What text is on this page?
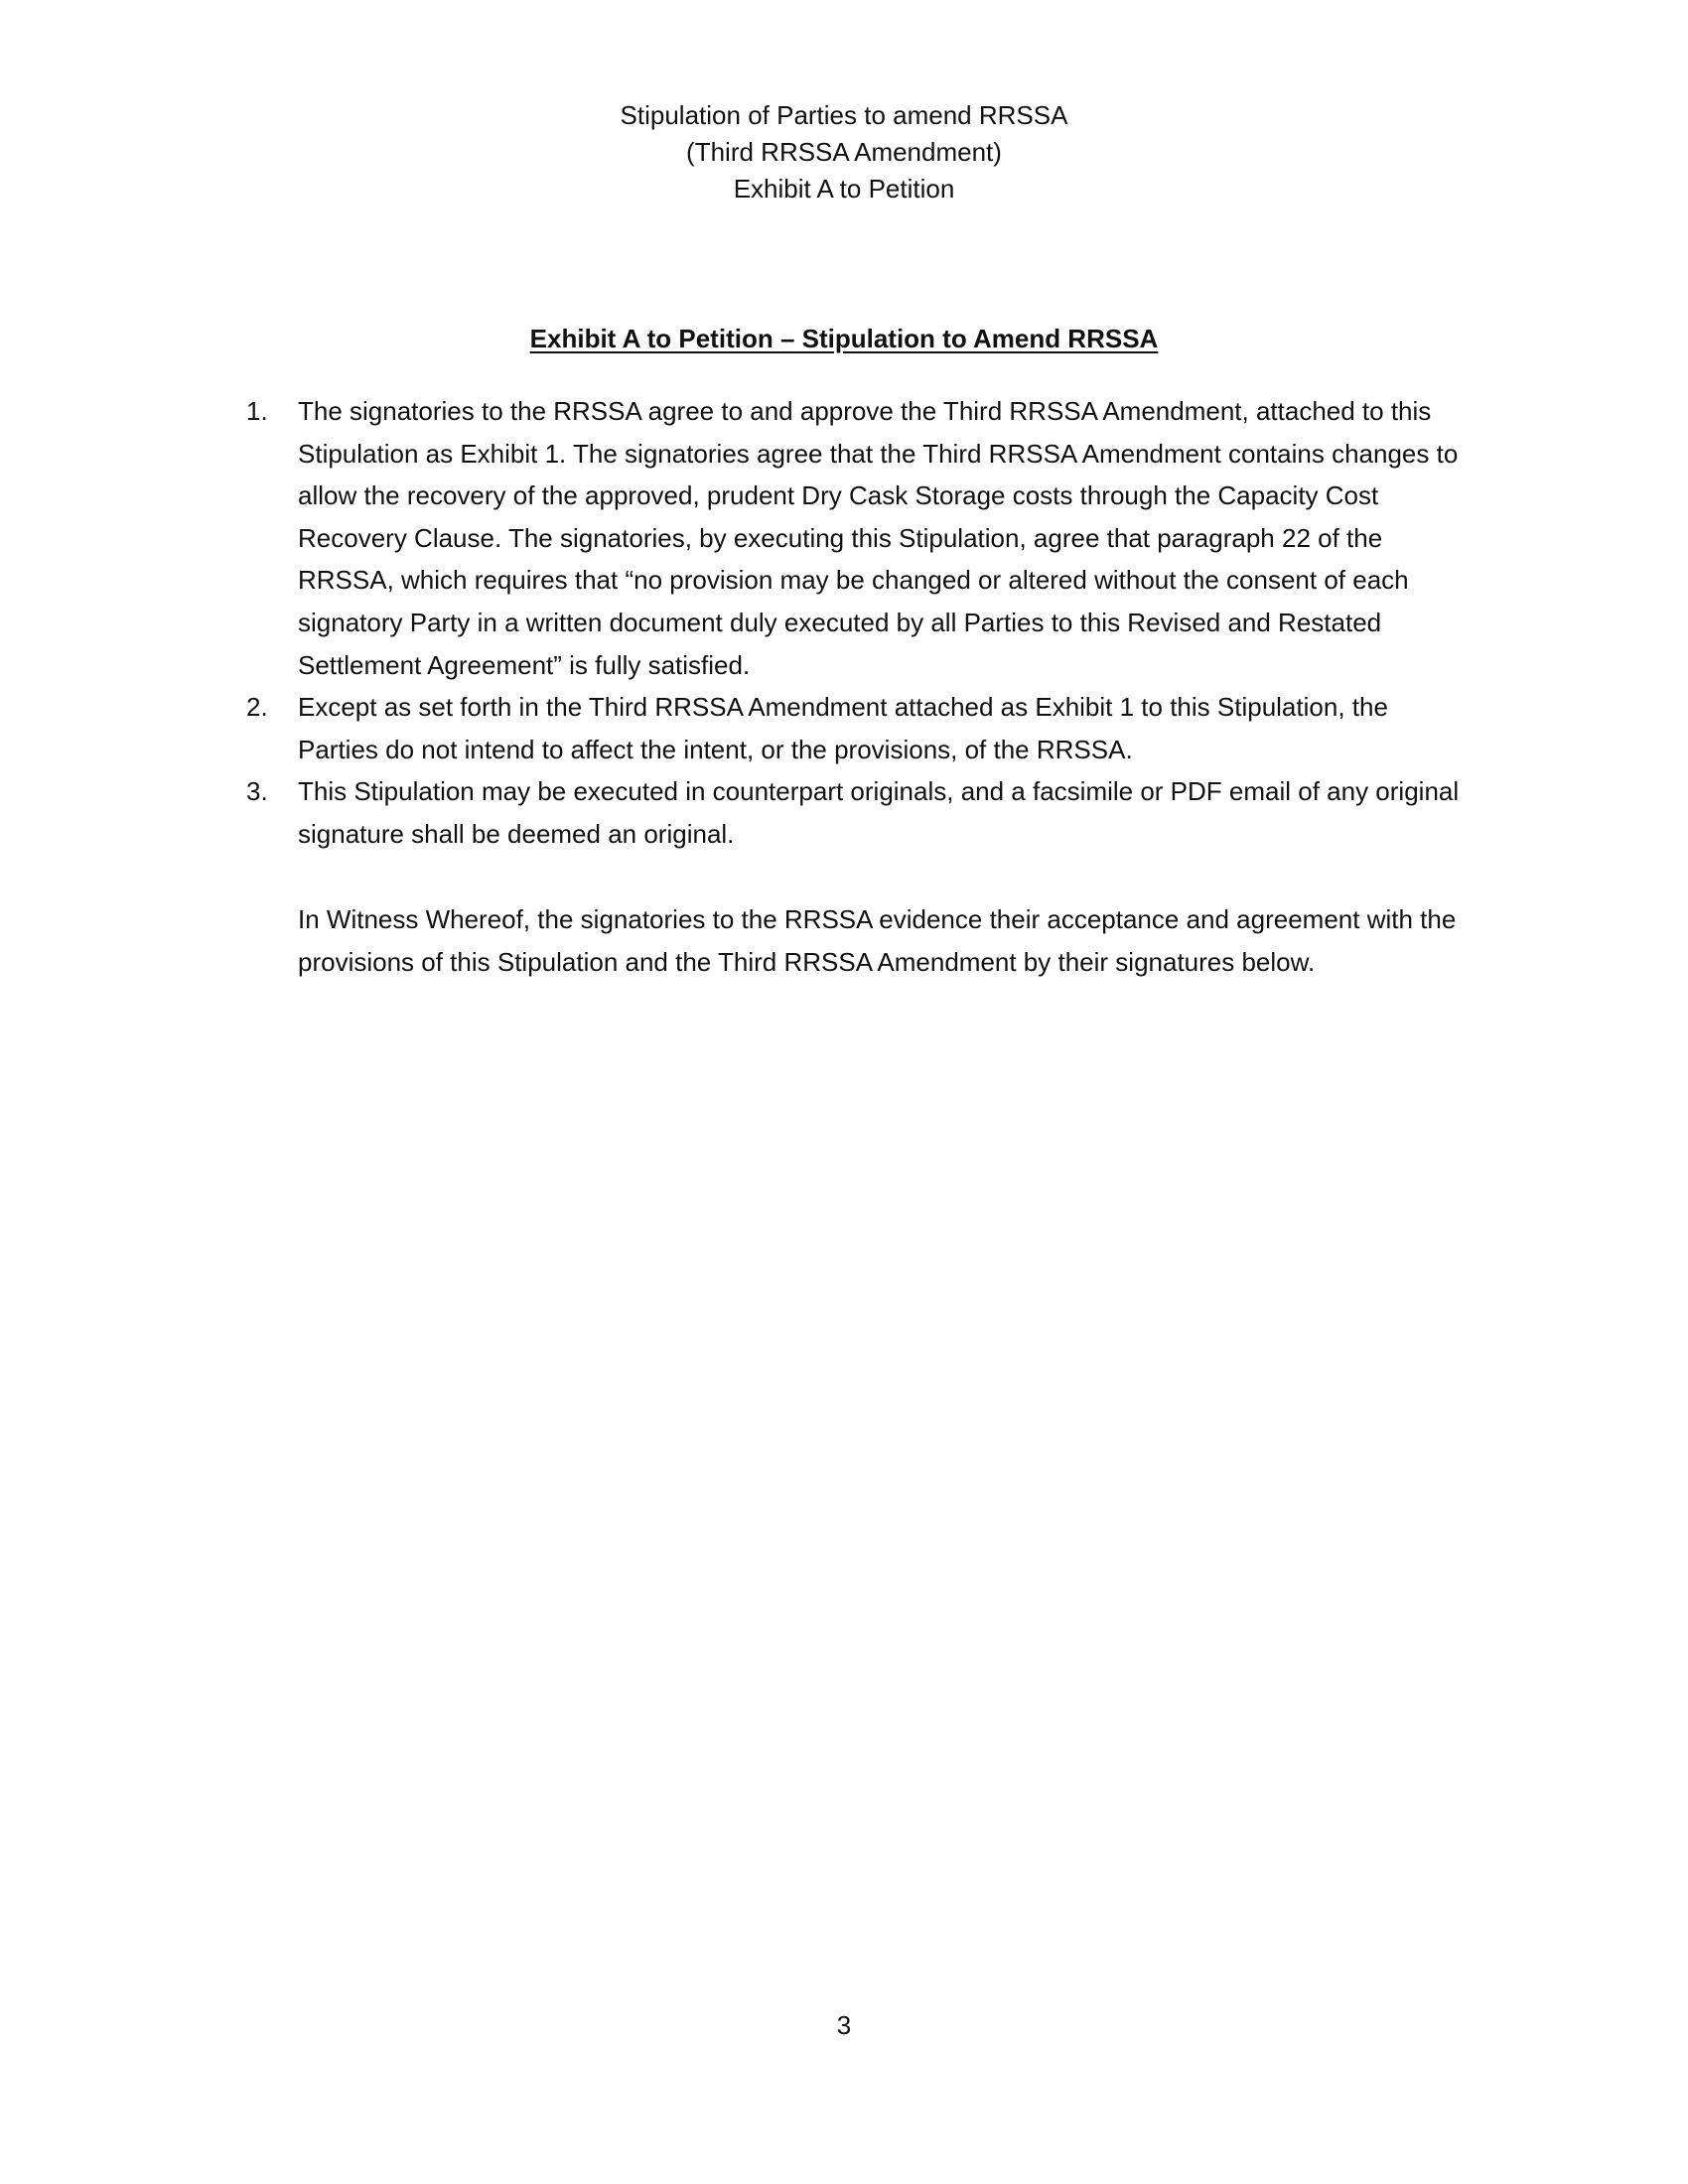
Stipulation of Parties to amend RRSSA
(Third RRSSA Amendment)
Exhibit A to Petition
Exhibit A to Petition – Stipulation to Amend RRSSA
1.	The signatories to the RRSSA agree to and approve the Third RRSSA Amendment, attached to this Stipulation as Exhibit 1. The signatories agree that the Third RRSSA Amendment contains changes to allow the recovery of the approved, prudent Dry Cask Storage costs through the Capacity Cost Recovery Clause. The signatories, by executing this Stipulation, agree that paragraph 22 of the RRSSA, which requires that “no provision may be changed or altered without the consent of each signatory Party in a written document duly executed by all Parties to this Revised and Restated Settlement Agreement” is fully satisfied.
2.	Except as set forth in the Third RRSSA Amendment attached as Exhibit 1 to this Stipulation, the Parties do not intend to affect the intent, or the provisions, of the RRSSA.
3.	This Stipulation may be executed in counterpart originals, and a facsimile or PDF email of any original signature shall be deemed an original.

In Witness Whereof, the signatories to the RRSSA evidence their acceptance and agreement with the provisions of this Stipulation and the Third RRSSA Amendment by their signatures below.

3
